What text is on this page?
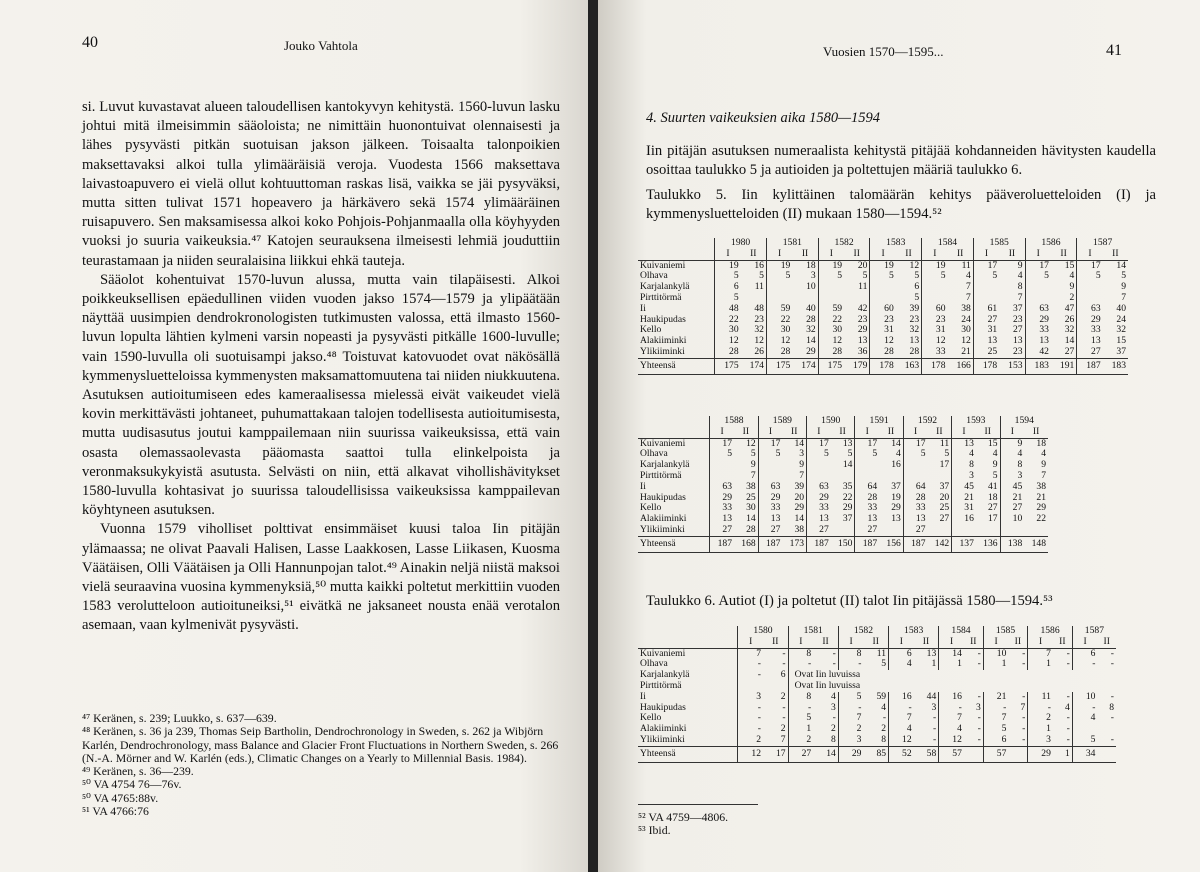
40	Jouko Vahtola

si. Luvut kuvastavat alueen taloudellisen kantokyvyn kehitystä. 1560-luvun lasku johtui mitä ilmeisimmin sääoloista; ne nimittäin huonontuivat olennaisesti ja lähes pysyvästi pitkän suotuisan jakson jälkeen. Toisaalta talonpoikien maksettavaksi alkoi tulla ylimääräisiä veroja. Vuodesta 1566 maksettava laivastoapuvero ei vielä ollut kohtuuttoman raskas lisä, vaikka se jäi pysyväksi, mutta sitten tulivat 1571 hopeavero ja härkävero sekä 1574 ylimääräinen ruisapuvero. Sen maksamisessa alkoi koko Pohjois-Pohjanmaalla olla köyhyyden vuoksi jo suuria vaikeuksia.⁴⁷ Katojen seurauksena ilmeisesti lehmiä jouduttiin teurastamaan ja niiden seuralaisina liikkui ehkä tauteja.

Sääolot kohentuivat 1570-luvun alussa, mutta vain tilapäisesti. Alkoi poikkeuksellisen epäedullinen viiden vuoden jakso 1574—1579 ja ylipäätään näyttää uusimpien dendrokronologisten tutkimusten valossa, että ilmasto 1560-luvun lopulta lähtien kylmeni varsin nopeasti ja pysyvästi pitkälle 1600-luvulle; vain 1590-luvulla oli suotuisampi jakso.⁴⁸ Toistuvat katovuodet ovat näkösällä kymmenysluetteloissa kymmenysten maksamattomuutena tai niiden niukkuutena. Asutuksen autioitumiseen edes kameraalisessa mielessä eivät vaikeudet vielä kovin merkittävästi johtaneet, puhumattakaan talojen todellisesta autioitumisesta, mutta uudisasutus joutui kamppailemaan niin suurissa vaikeuksissa, että vain osasta olemassaolevasta pääomasta saattoi tulla elinkelpoista ja veronmaksukykyistä asutusta. Selvästi on niin, että alkavat vihollishävitykset 1580-luvulla kohtasivat jo suurissa taloudellisissa vaikeuksissa kamppailevan köyhtyneen asutuksen.

Vuonna 1579 viholliset polttivat ensimmäiset kuusi taloa Iin pitäjän ylämaassa; ne olivat Paavali Halisen, Lasse Laakkosen, Lasse Liikasen, Kuosma Väätäisen, Olli Väätäisen ja Olli Hannunpojan talot.⁴⁹ Ainakin neljä niistä maksoi vielä seuraavina vuosina kymmenyksiä,⁵⁰ mutta kaikki poltetut merkittiin vuoden 1583 verolutteloon autioituneiksi,⁵¹ eivätkä ne jaksaneet nousta enää verotalon asemaan, vaan kylmenivät pysyvästi.

⁴⁷ Keränen, s. 239; Luukko, s. 637—639.
⁴⁸ Keränen, s. 36 ja 239, Thomas Seip Bartholin, Dendrochronology in Sweden, s. 262 ja Wibjörn Karlén, Dendrochronology, mass Balance and Glacier Front Fluctuations in Northern Sweden, s. 266 (N.-A. Mörner and W. Karlén (eds.), Climatic Changes on a Yearly to Millennial Basis. 1984).
⁴⁹ Keränen, s. 36—239.
⁵⁰ VA 4754 76—76v.
⁵⁰ VA 4765:88v.
⁵¹ VA 4766:76
Vuosien 1570—1595...	41
4. Suurten vaikeuksien aika 1580—1594

Iin pitäjän asutuksen numeraalista kehitystä pitäjää kohdanneiden hävitysten kaudella osoittaa taulukko 5 ja autioiden ja poltettujen määriä taulukko 6.

Taulukko 5. Iin kylittäinen talomäärän kehitys pääveroluetteloiden (I) ja kymmenysluetteloiden (II) mukaan 1580—1594.⁵²

	1980		1581		1582		1583		1584		1585		1586		1587	
	I	II	I	II	I	II	I	II	I	II	I	II	I	II	I	II
Kuivaniemi	19	16	19	18	19	20	19	12	19	11	17	9	17	15	17	14
Olhava	5	5	5	3	5	5	5	5	5	4	5	4	5	4	5	5
Karjalankylä	6	11		10		11		6		7		8		9		9
Pirttitörmä	5							5		7		7		2		7
Ii	48	48	59	40	59	42	60	39	60	38	61	37	63	47	63	40
Haukipudas	22	23	22	28	22	23	23	23	23	24	27	23	29	26	29	24
Kello	30	32	30	32	30	29	31	32	31	30	31	27	33	32	33	32
Alakiiminki	12	12	12	14	12	13	12	13	12	12	13	13	13	14	13	15
Ylikiiminki	28	26	28	29	28	36	28	28	33	21	25	23	42	27	27	37
Yhteensä	175	174	175	174	175	179	178	163	178	166	178	153	183	191	187	183
	1588		1589		1590		1591		1592		1593		1594	
	I	II	I	II	I	II	I	II	I	II	I	II	I	II
Kuivaniemi	17	12	17	14	17	13	17	14	17	11	13	15	9	18
Olhava	5	5	5	3	5	5	5	4	5	5	4	4	4	4
Karjalankylä		9		9		14		16		17	8	9	8	9
Pirttitörmä		7		7							3	5	3	7
Ii	63	38	63	39	63	35	64	37	64	37	45	41	45	38
Haukipudas	29	25	29	20	29	22	28	19	28	20	21	18	21	21
Kello	33	30	33	29	33	29	33	29	33	25	31	27	27	29
Alakiiminki	13	14	13	14	13	37	13	13	13	27	16	17	10	22
Ylikiiminki	27	28	27	38	27		27		27					
Yhteensä	187	168	187	173	187	150	187	156	187	142	137	136	138	148

Taulukko 6. Autiot (I) ja poltetut (II) talot Iin pitäjässä 1580—1594.⁵³

	1580		1581		1582		1583		1584		1585		1586		1587	
	I	II	I	II	I	II	I	II	I	II	I	II	I	II	I	II
Kuivaniemi	7	-	8	-	8	11	6	13	14	-	10	-	7	-	6	-
Olhava	-	-	-	-	-	5	4	1	1	-	1	-	1	-	-	-
Karjalankylä	-	6	Ovat Iin luvuissa													
Pirttitörmä			Ovat Iin luvuissa													
Ii	3	2	8	4	5	59	16	44	16	-	21	-	11	-	10	-
Haukipudas	-	-	-	3	-	4	-	3	-	3	-	7	-	4	-	8
Kello	-	-	5	-	7	-	7	-	7	-	7	-	2	-	4	-
Alakiiminki	-	2	1	2	2	2	4	-	4	-	5	-	1	-		
Ylikiiminki	2	7	2	8	3	8	12	-	12	-	6	-	3	-	5	-
Yhteensä	12	17	27	14	29	85	52	58	57		57		29	1	34	
⁵² VA 4759—4806.
⁵³ Ibid.
